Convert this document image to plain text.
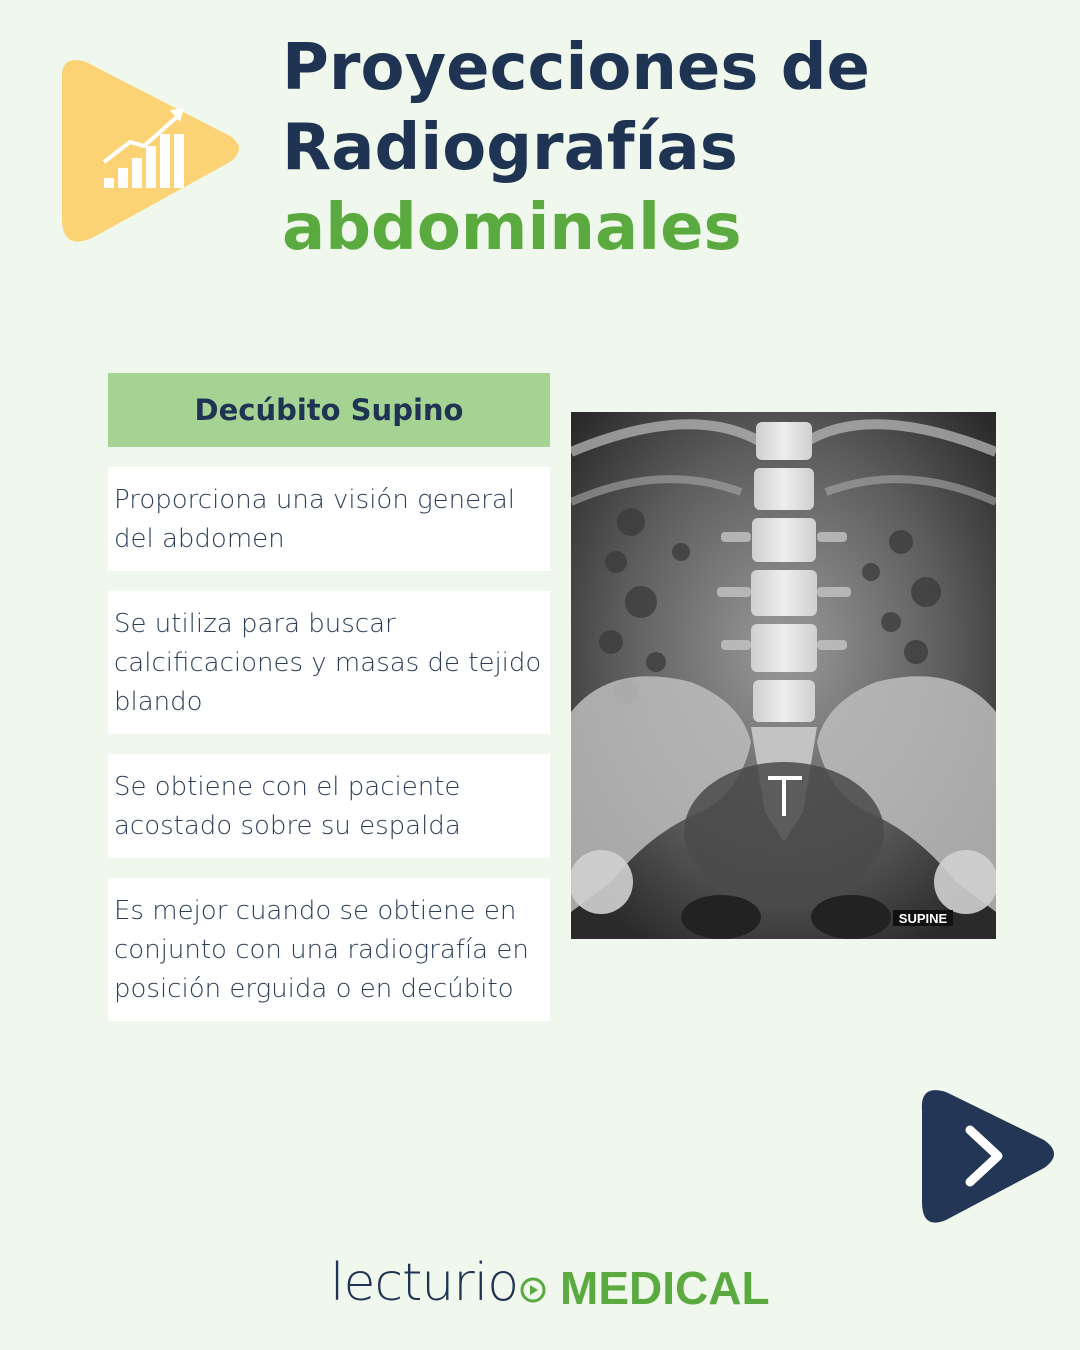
Proyecciones de
Radiografías
abdominales
Decúbito Supino
Proporciona una visión general del abdomen
Se utiliza para buscar calcificaciones y masas de tejido blando
Se obtiene con el paciente acostado sobre su espalda
Es mejor cuando se obtiene en conjunto con una radiografía en posición erguida o en decúbito
SUPINE
lecturio MEDICAL
